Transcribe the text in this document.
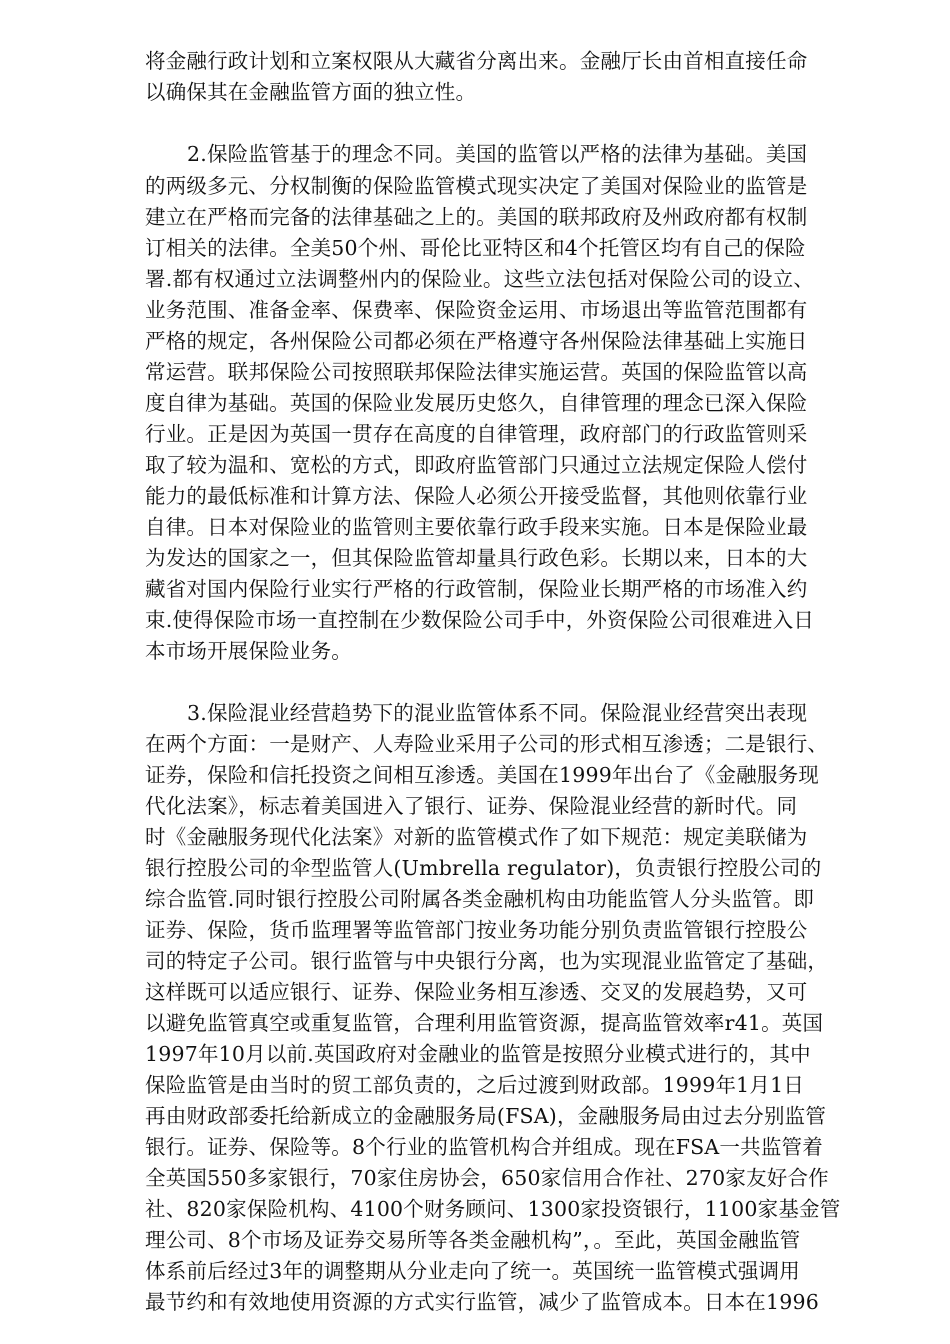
将金融行政计划和立案权限从大藏省分离出来。金融厅长由首相直接任命
以确保其在金融监管方面的独立性。
2.保险监管基于的理念不同。美国的监管以严格的法律为基础。美国
的两级多元、分权制衡的保险监管模式现实决定了美国对保险业的监管是
建立在严格而完备的法律基础之上的。美国的联邦政府及州政府都有权制
订相关的法律。全美50个州、哥伦比亚特区和4个托管区均有自己的保险
署.都有权通过立法调整州内的保险业。这些立法包括对保险公司的设立、
业务范围、准备金率、保费率、保险资金运用、市场退出等监管范围都有
严格的规定，各州保险公司都必须在严格遵守各州保险法律基础上实施日
常运营。联邦保险公司按照联邦保险法律实施运营。英国的保险监管以高
度自律为基础。英国的保险业发展历史悠久，自律管理的理念已深入保险
行业。正是因为英国一贯存在高度的自律管理，政府部门的行政监管则采
取了较为温和、宽松的方式，即政府监管部门只通过立法规定保险人偿付
能力的最低标准和计算方法、保险人必须公开接受监督，其他则依靠行业
自律。日本对保险业的监管则主要依靠行政手段来实施。日本是保险业最
为发达的国家之一，但其保险监管却量具行政色彩。长期以来，日本的大
藏省对国内保险行业实行严格的行政管制，保险业长期严格的市场准入约
束.使得保险市场一直控制在少数保险公司手中，外资保险公司很难进入日
本市场开展保险业务。
3.保险混业经营趋势下的混业监管体系不同。保险混业经营突出表现
在两个方面：一是财产、人寿险业采用子公司的形式相互渗透；二是银行、
证券，保险和信托投资之间相互渗透。美国在1999年出台了《金融服务现
代化法案》，标志着美国进入了银行、证券、保险混业经营的新时代。同
时《金融服务现代化法案》对新的监管模式作了如下规范：规定美联储为
银行控股公司的伞型监管人(Umbrella regulator)，负责银行控股公司的
综合监管.同时银行控股公司附属各类金融机构由功能监管人分头监管。即
证券、保险，货币监理署等监管部门按业务功能分别负责监管银行控股公
司的特定子公司。银行监管与中央银行分离，也为实现混业监管定了基础，
这样既可以适应银行、证券、保险业务相互渗透、交叉的发展趋势，又可
以避免监管真空或重复监管，合理利用监管资源，提高监管效率r41。英国
1997年10月以前.英国政府对金融业的监管是按照分业模式进行的，其中
保险监管是由当时的贸工部负责的，之后过渡到财政部。1999年1月1日
再由财政部委托给新成立的金融服务局(FSA)，金融服务局由过去分别监管
银行。证券、保险等。8个行业的监管机构合并组成。现在FSA一共监管着
全英国550多家银行，70家住房协会，650家信用合作社、270家友好合作
社、820家保险机构、4100个财务顾问、1300家投资银行，1100家基金管
理公司、8个市场及证券交易所等各类金融机构”，。至此，英国金融监管
体系前后经过3年的调整期从分业走向了统一。英国统一监管模式强调用
最节约和有效地使用资源的方式实行监管，减少了监管成本。日本在1996
